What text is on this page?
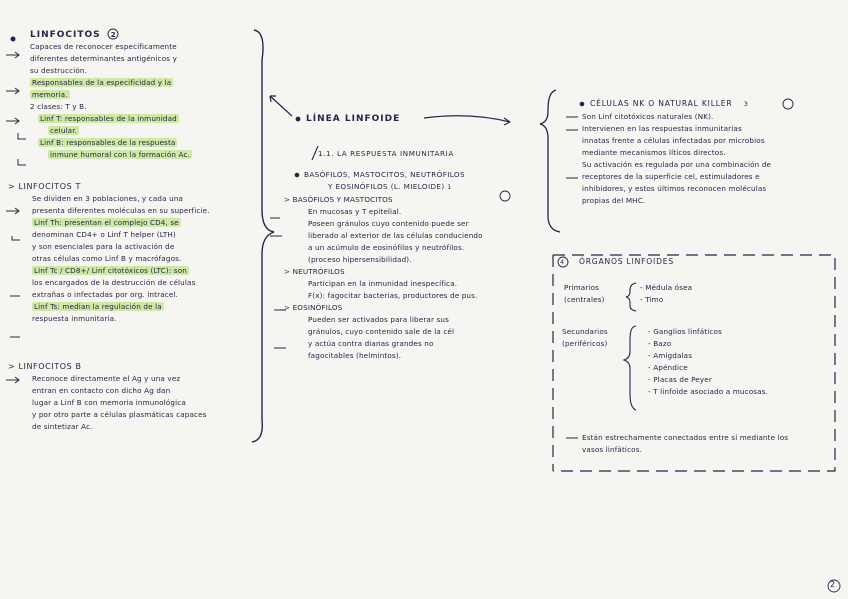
LINFOCITOS 2
Capaces de reconocer específicamente
diferentes determinantes antigénicos y
su destrucción.
Responsables de la especificidad y la
memoria.
2 clases: T y B.
Linf T: responsables de la inmunidad
celular.
Linf B: responsables de la respuesta
inmune humoral con la formación Ac.
> LINFOCITOS T
Se dividen en 3 poblaciones, y cada una
presenta diferentes moléculas en su superficie.
Linf Th: presentan el complejo CD4, se
denominan CD4+ o Linf T helper (LTH)
y son esenciales para la activación de
otras células como Linf B y macrófagos.
Linf Tc / CD8+/ Linf citotóxicos (LTC): son
los encargados de la destrucción de células
extrañas o infectadas por org. intracel.
Linf Ts: median la regulación de la
respuesta inmunitaria.
> LINFOCITOS B
Reconoce directamente el Ag y una vez
entran en contacto con dicho Ag dan
lugar a Linf B con memoria inmunológica
y por otro parte a células plasmáticas capaces
de sintetizar Ac.
LÍNEA LINFOIDE
1.1. LA RESPUESTA INMUNITARIA
BASÓFILOS, MASTOCITOS, NEUTRÓFILOS
Y EOSINÓFILOS (L. MIELOIDE) 1
> BASÓFILOS Y MASTOCITOS
En mucosas y T epitelial.
Poseen gránulos cuyo contenido puede ser
liberado al exterior de las células conduciendo
a un acúmulo de eosinófilos y neutrófilos.
(proceso hipersensibilidad).
> NEUTRÓFILOS
Participan en la inmunidad inespecífica.
F(x): fagocitar bacterias, productores de pus.
> EOSINÓFILOS
Pueden ser activados para liberar sus
gránulos, cuyo contenido sale de la cél
y actúa contra dianas grandes no
fagocitables (helmintos).
CÉLULAS NK O NATURAL KILLER 3
Son Linf citotóxicos naturales (NK).
Intervienen en las respuestas inmunitarias
innatas frente a células infectadas por microbios
mediante mecanismos líticos directos.
Su activación es regulada por una combinación de
receptores de la superficie cel, estimuladores e
inhibidores, y estos últimos reconocen moléculas
propias del MHC.
4 ÓRGANOS LINFOIDES
Primarios
(centrales)
- Médula ósea
- Timo
Secundarios
(periféricos)
- Ganglios linfáticos
- Bazo
- Amígdalas
- Apéndice
- Placas de Peyer
- T linfoide asociado a mucosas.
Están estrechamente conectados entre sí mediante los
vasos linfáticos.
2
